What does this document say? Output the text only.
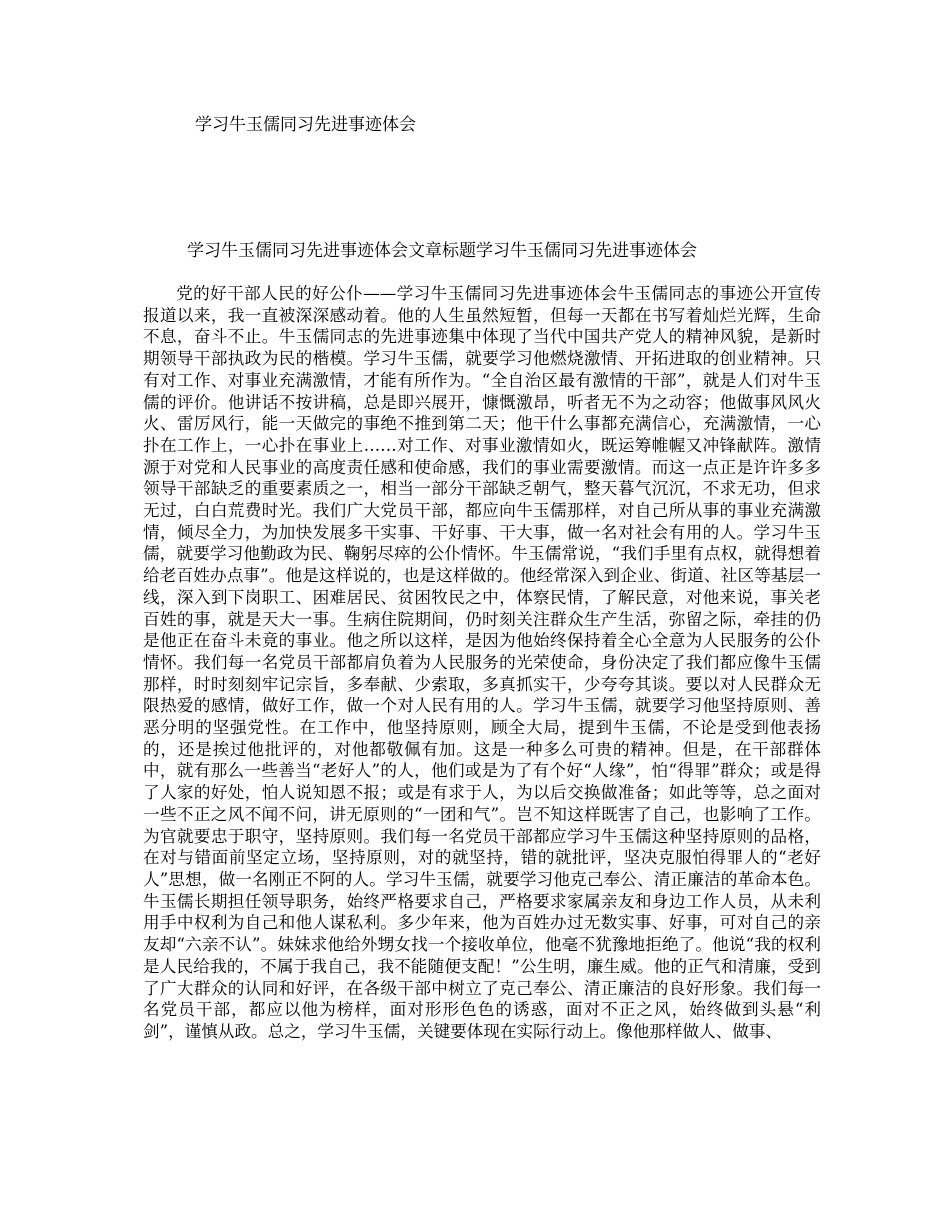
学习牛玉儒同习先进事迹体会
学习牛玉儒同习先进事迹体会文章标题学习牛玉儒同习先进事迹体会

党的好干部人民的好公仆——学习牛玉儒同习先进事迹体会牛玉儒同志的事迹公开宣传报道以来，我一直被深深感动着。他的人生虽然短暂，但每一天都在书写着灿烂光辉，生命不息，奋斗不止。牛玉儒同志的先进事迹集中体现了当代中国共产党人的精神风貌，是新时期领导干部执政为民的楷模。学习牛玉儒，就要学习他燃烧激情、开拓进取的创业精神。只有对工作、对事业充满激情，才能有所作为。“全自治区最有激情的干部”，就是人们对牛玉儒的评价。他讲话不按讲稿，总是即兴展开，慷慨激昂，听者无不为之动容；他做事风风火火、雷厉风行，能一天做完的事绝不推到第二天；他干什么事都充满信心，充满激情，一心扑在工作上，一心扑在事业上……对工作、对事业激情如火，既运筹帷幄又冲锋献阵。激情源于对党和人民事业的高度责任感和使命感，我们的事业需要激情。而这一点正是许许多多领导干部缺乏的重要素质之一，相当一部分干部缺乏朝气，整天暮气沉沉，不求无功，但求无过，白白荒费时光。我们广大党员干部，都应向牛玉儒那样，对自己所从事的事业充满激情，倾尽全力，为加快发展多干实事、干好事、干大事，做一名对社会有用的人。学习牛玉儒，就要学习他勤政为民、鞠躬尽瘁的公仆情怀。牛玉儒常说，“我们手里有点权，就得想着给老百姓办点事”。他是这样说的，也是这样做的。他经常深入到企业、街道、社区等基层一线，深入到下岗职工、困难居民、贫困牧民之中，体察民情，了解民意，对他来说，事关老百姓的事，就是天大一事。生病住院期间，仍时刻关注群众生产生活，弥留之际，牵挂的仍是他正在奋斗未竟的事业。他之所以这样，是因为他始终保持着全心全意为人民服务的公仆情怀。我们每一名党员干部都肩负着为人民服务的光荣使命，身份决定了我们都应像牛玉儒那样，时时刻刻牢记宗旨，多奉献、少索取，多真抓实干，少夸夸其谈。要以对人民群众无限热爱的感情，做好工作，做一个对人民有用的人。学习牛玉儒，就要学习他坚持原则、善恶分明的坚强党性。在工作中，他坚持原则，顾全大局，提到牛玉儒，不论是受到他表扬的，还是挨过他批评的，对他都敬佩有加。这是一种多么可贵的精神。但是，在干部群体中，就有那么一些善当“老好人”的人，他们或是为了有个好“人缘”，怕“得罪”群众；或是得了人家的好处，怕人说知恩不报；或是有求于人，为以后交换做准备；如此等等，总之面对一些不正之风不闻不问，讲无原则的“一团和气”。岂不知这样既害了自己，也影响了工作。为官就要忠于职守，坚持原则。我们每一名党员干部都应学习牛玉儒这种坚持原则的品格，在对与错面前坚定立场，坚持原则，对的就坚持，错的就批评，坚决克服怕得罪人的“老好人”思想，做一名刚正不阿的人。学习牛玉儒，就要学习他克己奉公、清正廉洁的革命本色。牛玉儒长期担任领导职务，始终严格要求自己，严格要求家属亲友和身边工作人员，从未利用手中权利为自己和他人谋私利。多少年来，他为百姓办过无数实事、好事，可对自己的亲友却“六亲不认”。妹妹求他给外甥女找一个接收单位，他毫不犹豫地拒绝了。他说“我的权利是人民给我的，不属于我自己，我不能随便支配！”公生明，廉生威。他的正气和清廉，受到了广大群众的认同和好评，在各级干部中树立了克己奉公、清正廉洁的良好形象。我们每一名党员干部，都应以他为榜样，面对形形色色的诱惑，面对不正之风，始终做到头悬“利剑”，谨慎从政。总之，学习牛玉儒，关键要体现在实际行动上。像他那样做人、做事、
